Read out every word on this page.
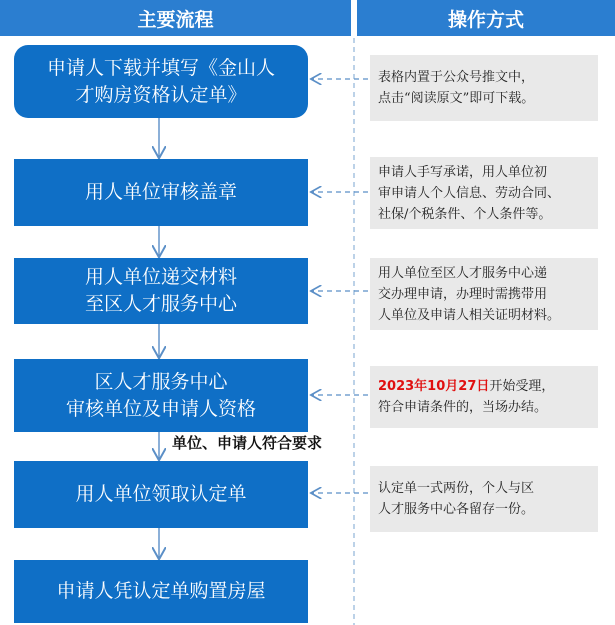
主要流程	操作方式
申请人下载并填写《金山人
才购房资格认定单》
用人单位审核盖章
用人单位递交材料
至区人才服务中心
区人才服务中心
审核单位及申请人资格
用人单位领取认定单
申请人凭认定单购置房屋
单位、申请人符合要求
表格内置于公众号推文中，
点击“阅读原文”即可下载。
申请人手写承诺，用人单位初
审申请人个人信息、劳动合同、
社保/个税条件、个人条件等。
用人单位至区人才服务中心递
交办理申请，办理时需携带用
人单位及申请人相关证明材料。
2023年10月27日开始受理，
符合申请条件的，当场办结。
认定单一式两份，个人与区
人才服务中心各留存一份。
